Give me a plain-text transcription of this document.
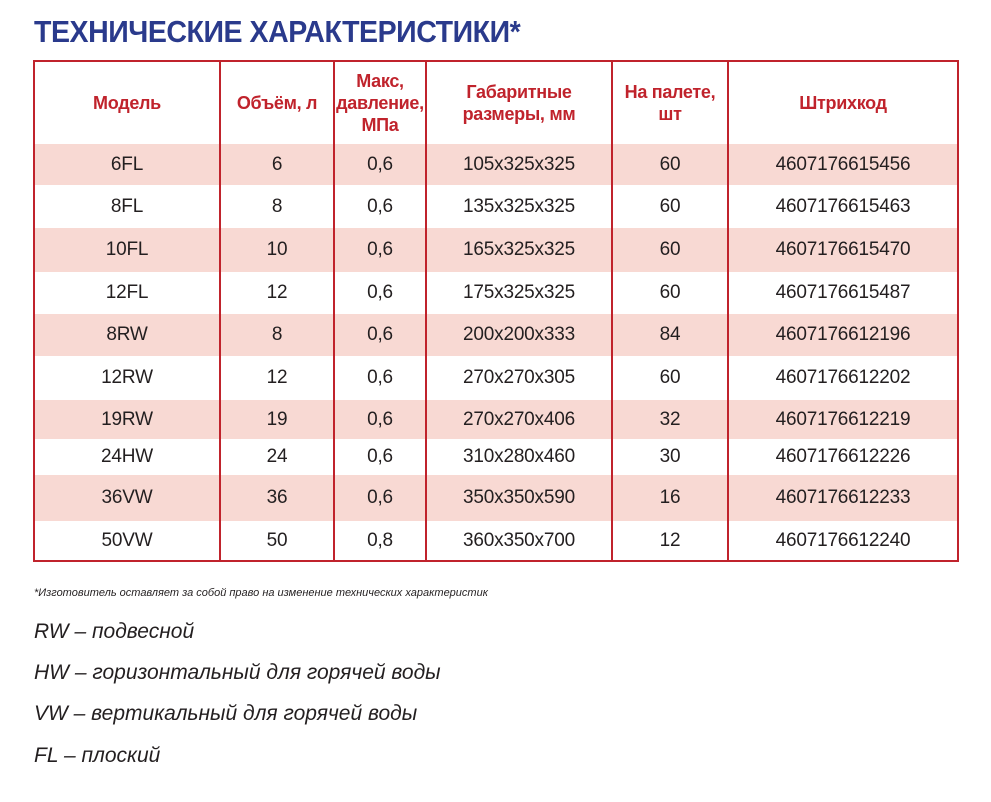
ТЕХНИЧЕСКИЕ ХАРАКТЕРИСТИКИ*
Модель	Объём, л	Макс, давление, МПа	Габаритные размеры, мм	На палете, шт	Штрихкод
6FL	6	0,6	105x325x325	60	4607176615456
8FL	8	0,6	135x325x325	60	4607176615463
10FL	10	0,6	165x325x325	60	4607176615470
12FL	12	0,6	175x325x325	60	4607176615487
8RW	8	0,6	200x200x333	84	4607176612196
12RW	12	0,6	270x270x305	60	4607176612202
19RW	19	0,6	270x270x406	32	4607176612219
24HW	24	0,6	310x280x460	30	4607176612226
36VW	36	0,6	350x350x590	16	4607176612233
50VW	50	0,8	360x350x700	12	4607176612240
*Изготовитель оставляет за собой право на изменение технических характеристик
RW – подвесной
HW – горизонтальный для горячей воды
VW – вертикальный для горячей воды
FL – плоский
